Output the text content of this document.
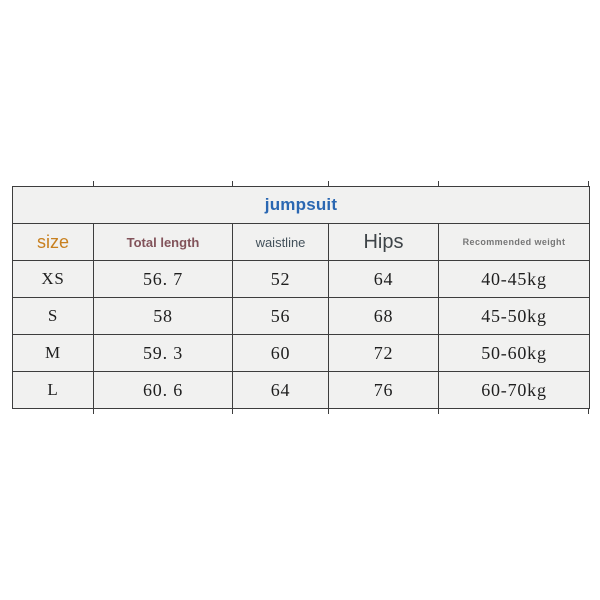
jumpsuit				
size	Total length	waistline	Hips	Recommended weight
XS	56. 7	52	64	40-45kg
S	58	56	68	45-50kg
M	59. 3	60	72	50-60kg
L	60. 6	64	76	60-70kg
